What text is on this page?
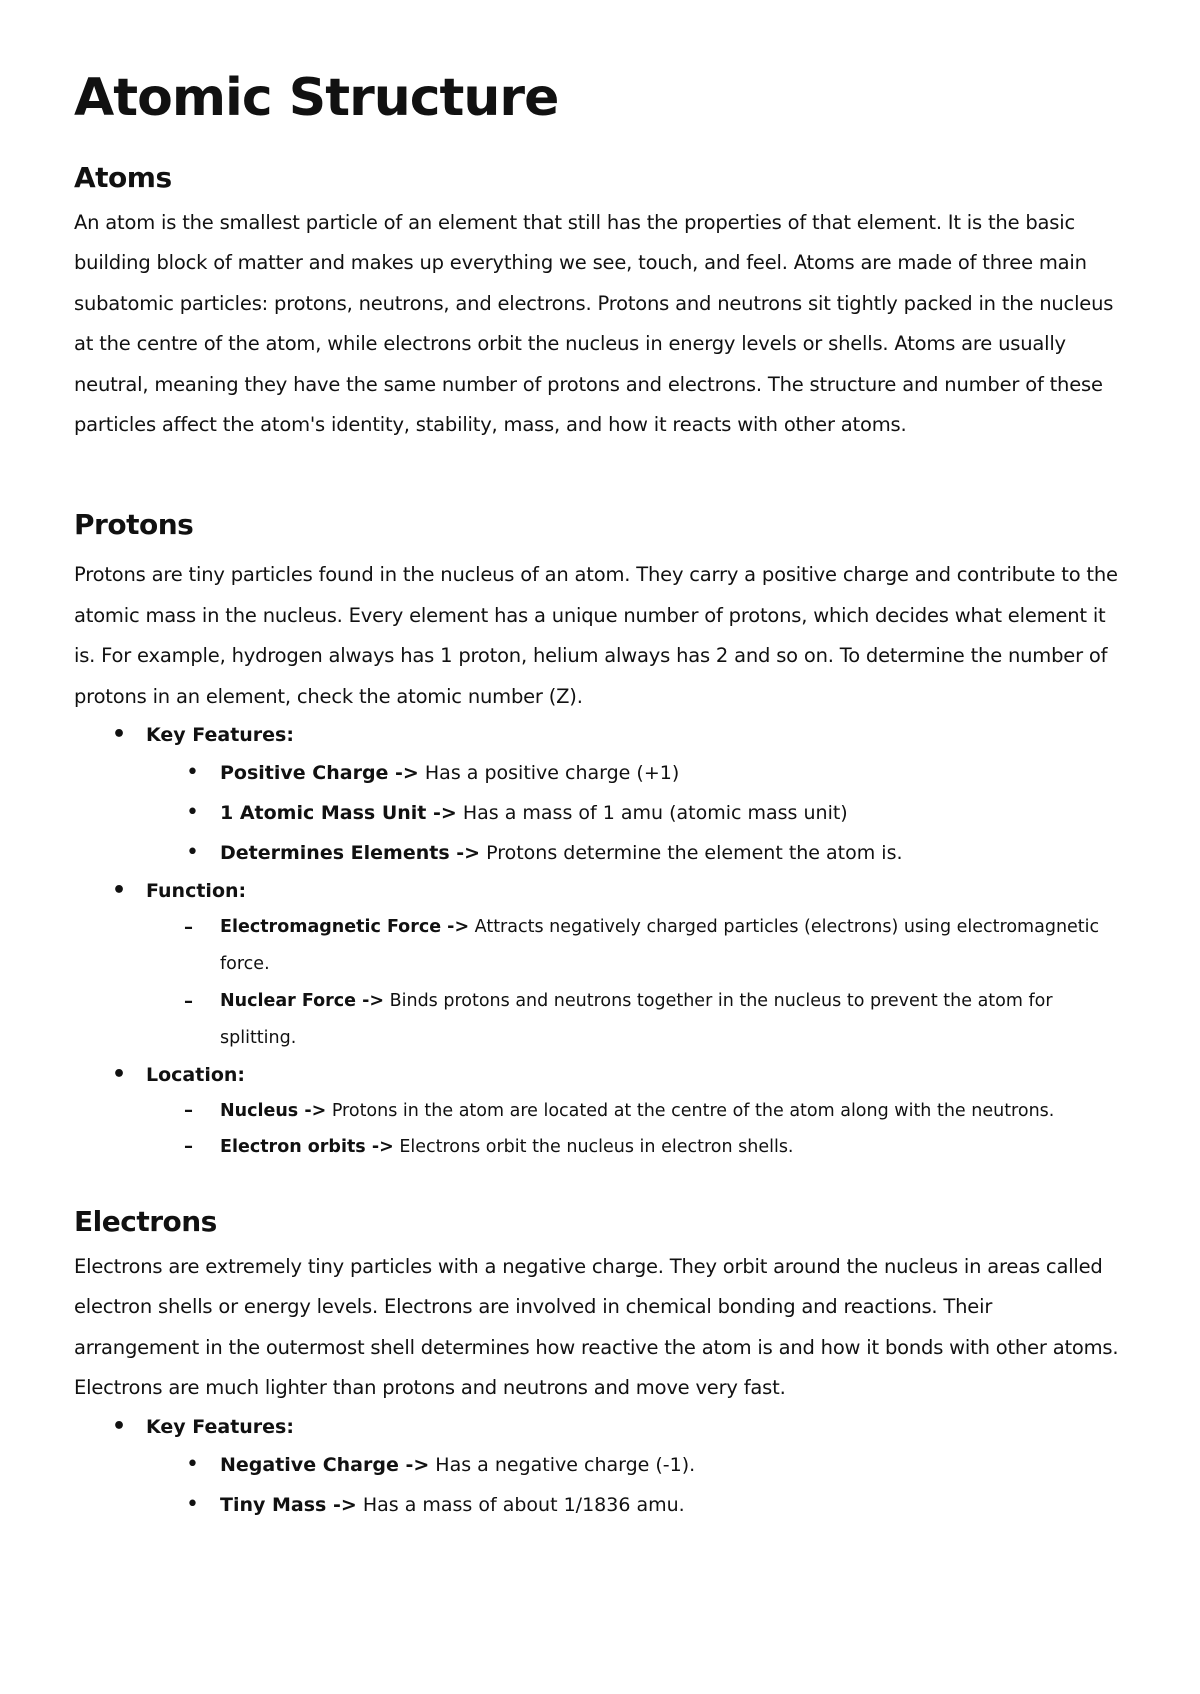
Atomic Structure
Atoms

An atom is the smallest particle of an element that still has the properties of that element. It is the basic building block of matter and makes up everything we see, touch, and feel. Atoms are made of three main subatomic particles: protons, neutrons, and electrons. Protons and neutrons sit tightly packed in the nucleus at the centre of the atom, while electrons orbit the nucleus in energy levels or shells. Atoms are usually neutral, meaning they have the same number of protons and electrons. The structure and number of these particles affect the atom's identity, stability, mass, and how it reacts with other atoms.

Protons

Protons are tiny particles found in the nucleus of an atom. They carry a positive charge and contribute to the atomic mass in the nucleus. Every element has a unique number of protons, which decides what element it is. For example, hydrogen always has 1 proton, helium always has 2 and so on. To determine the number of protons in an element, check the atomic number (Z).

• Key Features:
• Positive Charge -> Has a positive charge (+1)
• 1 Atomic Mass Unit -> Has a mass of 1 amu (atomic mass unit)
• Determines Elements -> Protons determine the element the atom is.
• Function:
– Electromagnetic Force -> Attracts negatively charged particles (electrons) using electromagnetic force.
– Nuclear Force -> Binds protons and neutrons together in the nucleus to prevent the atom for splitting.
• Location:
– Nucleus -> Protons in the atom are located at the centre of the atom along with the neutrons.
– Electron orbits -> Electrons orbit the nucleus in electron shells.
Electrons

Electrons are extremely tiny particles with a negative charge. They orbit around the nucleus in areas called electron shells or energy levels. Electrons are involved in chemical bonding and reactions. Their arrangement in the outermost shell determines how reactive the atom is and how it bonds with other atoms. Electrons are much lighter than protons and neutrons and move very fast.

• Key Features:
• Negative Charge -> Has a negative charge (-1).
• Tiny Mass -> Has a mass of about 1/1836 amu.
